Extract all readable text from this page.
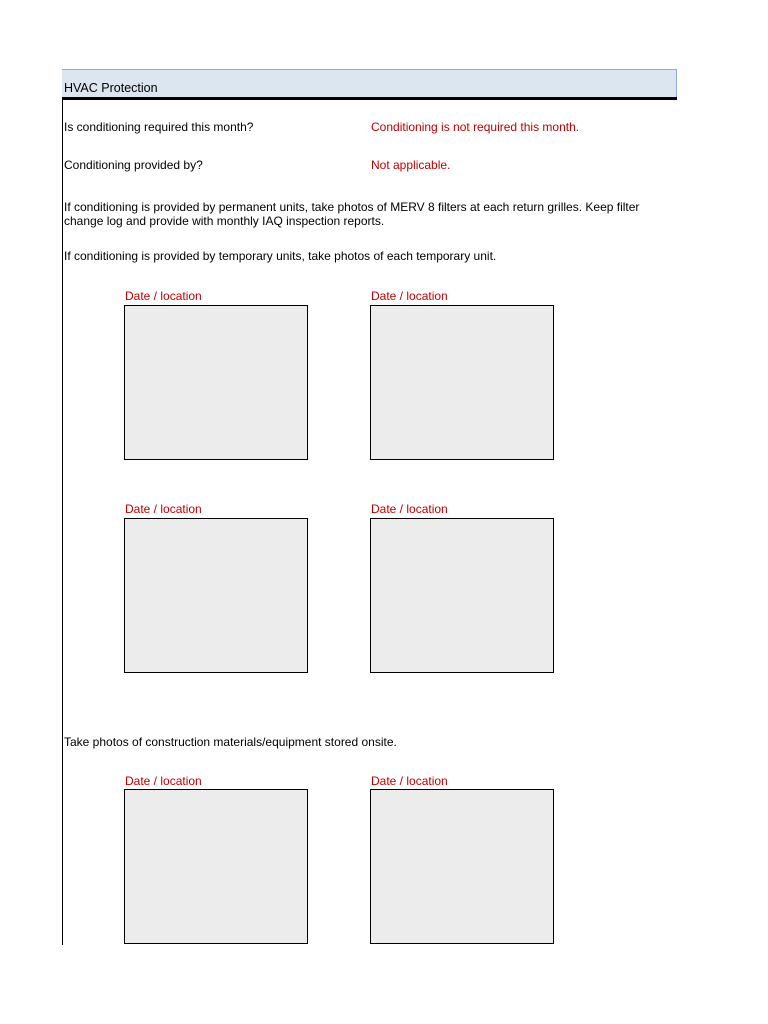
HVAC Protection
Is conditioning required this month?	Conditioning is not required this month.
Conditioning provided by?	Not applicable.
If conditioning is provided by permanent units, take photos of MERV 8 filters at each return grilles. Keep filter change log and provide with monthly IAQ inspection reports.
If conditioning is provided by temporary units, take photos of each temporary unit.
Date / location	Date / location
Date / location	Date / location
Take photos of construction materials/equipment stored onsite.
Date / location	Date / location
